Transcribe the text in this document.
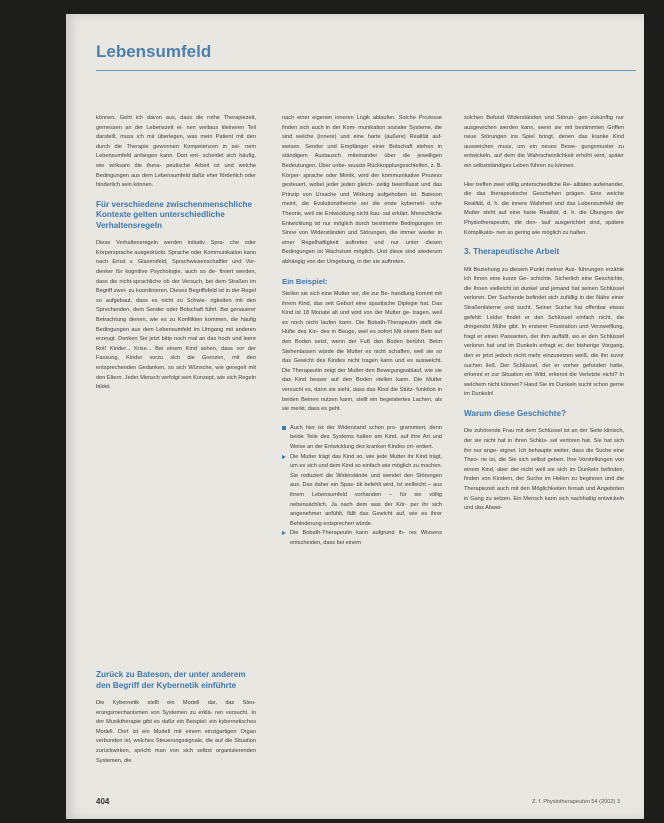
Lebensumfeld

können. Geht ich davon aus, dass die rothe Therapiezeit, gemessen an der Lebenszeit ei- nen weitaus kleineren Teil darstellt, muss ich mir überlegen, was mein Patient mit den durch die Therapie gewonnen Kompetenzen in sei- nem Lebensumfeld anfangen kann. Dort ent- scheidet sich häufig, wie wirksam die thera- peutische Arbeit ist und welche Bedingungen aus dem Lebensumfeld dafür eher förderlich oder hinderlich sein können.

Für verschiedene zwischenmenschliche Kontexte gelten unterschiedliche Verhaltensregeln

Diese Verhaltensregeln werden initiativ Spra- che oder Körpersprache ausgedrückt. Sprache oder Kommunikation kann nach Ernst v. Glasersfeld, Sprachwissenschaftler und Vor- denker für kognitive Psychologie, auch so de- finiert werden, dass die nicht-sprachliche ob der Versuch, bei dem Straßen im Begriff zwei- zu koordinieren. Dieses Begriffsfeld ist in der Regel so aufgebaut, dass es nicht zu Schwie- rigkeiten mit den Sprechenden, dem Sender oder Botschaft führt. Bei genauerer Betrachtung dienen, wie es zu Konflikten kommen, die häufig Bedingungen aus dem Lebensumfeld im Umgang mit anderen erzeugt. Denken Sie jetzt bitte noch mal an das hoch und leere Rot! Kinder... Krise... Bei einem Kind sehen, dass vor der Fassung, Kinder vorzu sich die Grenzen, mit den entsprechenden Gedanken, so sich Wünsche, wie geregelt mit den Eltern. Jeder Mensch verfolgt sein Konzept, wie sich Regeln bildet.

Zurück zu Bateson, der unter anderem den Begriff der Kybernetik einführte

Die Kybernetik stellt ein Modell dar, das Steu- erungsmechanismen von Systemen zu erklä- ren versucht. In der Musiktherapie gibt es dafür ein Beispiel: ein kybernetisches Modell. Dort ist ein Modell mit einem einzigartigen Organ verbunden ist, welches Steuerungssignale, die auf die Situation zurückwirken, spricht man von sich selbst organisierenden Systemen, die

nach einer eigenen inneren Logik ablaufen. Solche Prozesse finden sich auch in der Kom- munikation sozialer Systeme, die sind welche (innere) und eine harte (äußere) Realität auf- weisen. Sender und Empfänger einer Botschaft stehen in ständigem Austausch miteinander über die jeweiligen Bedeutungen. Über unbe- wusste Rückkopplungsschleifen, z. B. Körper- sprache oder Mimik, wird der kommunikative Prozess gesteuert, wobei jeder jeden gleich- zeitig beeinflusst und das Prinzip von Ursache und Wirkung aufgehoben ist. Bateson meint, die Evolutionstheorie sei die erste kyberneti- sche Theorie, weil sie Entwicklung nicht kau- sal erklärt. Menschliche Entwicklung ist nur möglich durch bestimmte Bedingungen im Sinne von Widerständen und Störungen, die immer wieder in einer Regelhaftigkeit auftreten und nur unter diesen Bedingungen ist Wachstum möglich. Und diese sind wiederum abhängig von der Umgebung, in der sie auftreten.

Ein Beispiel:

Stellen sie sich eine Mutter vor, die zur Be- handlung kommt mit ihrem Kind, das seit Geburt eine spastische Diplegie hat. Das Kind ist 18 Monate alt und wird von der Mutter ge- tragen, weil es noch nicht laufen kann. Die Bobath-Therapeutin stellt die Hüfte des Kin- des in Beuge, weil es sofort Mit einem Bein auf den Boden setzt, wenn der Fuß den Boden berührt. Beim Stehenlassen würde die Mutter es nicht schaffen, weil sie so das Gewicht des Kindes nicht tragen kann und es ausweicht. Die Therapeutin zeigt der Mutter den Bewegungsablauf, wie sie das Kind besser auf den Boden stellen kann. Die Mutter versucht es, dann sie sieht, dass das Kind die Stütz- funktion in beiden Beinen nutzen kann, stellt ein begeistertes Lachen, als sie merkt, dass es geht.

Auch hier ist der Widerstand schon pro- grammiert, denn beide Teile des Systems halten am Kind, auf ihre Art und Weise an der Entwicklung des kranken Kindes ori- entiert.
Die Mutter trägt das Kind so, wie jede Mutter ihr Kind trägt, um es sich und dem Kind so einfach wie möglich zu machen. Sie reduziert die Widerstände und wendet den Störungen aus. Das daher ein Spas- tik befehlt wird, ist vielleicht – aus ihrem Lebensumfeld vorhanden – für sie völlig nebensächlich. Ja nach dem was der Kör- per ihr sich angenehmer anfühlt, fällt das Gewicht auf, wie es ihrer Behinderung entsprechen würde.
Die Bobath-Therapeutin kann aufgrund ih- res Wissens entscheiden, dass bei einem

solchen Befund Widerständen und Störun- gen zukünftig nur ausgewichen werden kann, wenn sie mit bestimmten Griffen neue Störungen ins Spiel bringt, denen das kranke Kind ausweichen muss, um ein neues Bewe- gungsmuster zu entwickeln, auf dem die Wahrscheinlichkeit erhöht wird, später ein selbstständiges Leben führen zu können.

Hier treffen zwei völlig unterschiedliche Re- alitäten aufeinander, die das therapeutische Geschehen prägen. Eine weiche Realität, d. h. die innere Wahrheit und das Lebensumfeld der Mutter steht auf eine harte Realität, d. h. die Übungen der Physiotherapeutin, die den- lauf ausgerichtet sind, spätere Komplikatio- nen so gering wie möglich zu halten.

3. Therapeutische Arbeit

Mit Beziehung zu diesem Punkt meiner Aus- führungen erzähle ich Ihnen eine kurze Ge- schichte. Sicherlich eine Geschichte, die Ihnen vielleicht ist dunkel und jemand hat seinen Schlüssel verloren. Der Suchende befindet sich zufällig in der Nähe einer Straßenlaterne und sucht. Seiner Suche hat offenbar etwas gefehlt: Leider findet er den Schlüssel einfach nicht, die dringendst Mühe gibt. In ersterer Frustration und Verzweiflung, fragt er einen Passanten, der ihm auffällt, wo er den Schlüssel verloren hat und im Dunkeln erfragt er, der bisherige Vorgang, den er jetzt jedoch nicht mehr einzusetzen weiß, die ihn zuvor suchen ließ. Der Schlüssel, der er vorher gefunden hatte, erkennt er zur Situation ein Wild, erkennt die Verletzte nicht? In welchem nicht können? Hand Sie im Dunkeln sucht schon gerne im Dunkeln!

Warum diese Geschichte?

Die zuhörende Frau mit dem Schlüssel ist an der Seite klinisch, der sie nicht hat in ihren Schlüs- sel verloren hat. Sie hat sich ihn nur ange- eignet. Ich behaupte weiter, dass die Suche eine Theo- rie ist, die Sie sich selbst geben. Ihre Vorstellungen von einem Kind, aber der nicht weil sie sich im Dunkeln befinden, finden von Kindern, der Suche im Hellen zu beginnen und die Therapiezeit auch mit den Möglichkeiten fernab und Angeboten in Gang zu setzen. Ein Mensch kann sich nachhaltig entwickeln und das Abwei-

404	Z. f. Physiotherapeuten 54 (2002) 3
